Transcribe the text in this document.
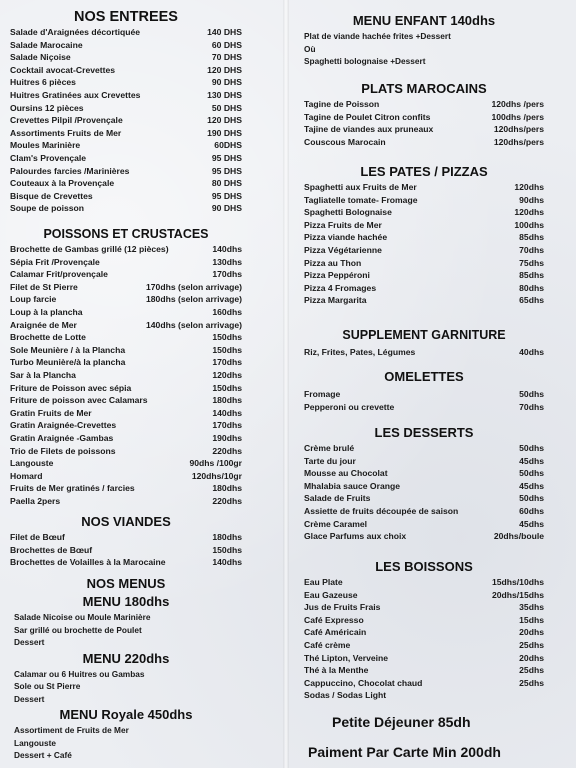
NOS ENTREES
Salade d'Araignées décortiquée	140 DHS
Salade Marocaine	60 DHS
Salade Niçoise	70 DHS
Cocktail avocat-Crevettes	120 DHS
Huitres 6 pièces	90 DHS
Huitres Gratinées aux Crevettes	130 DHS
Oursins 12 pièces	50 DHS
Crevettes Pilpil /Provençale	120 DHS
Assortiments Fruits de Mer	190 DHS
Moules Marinière	60DHS
Clam's Provençale	95 DHS
Palourdes farcies /Marinières	95 DHS
Couteaux à la Provençale	80 DHS
Bisque de Crevettes	95 DHS
Soupe de poisson	90 DHS
POISSONS ET CRUSTACES
Brochette de Gambas grillé (12 pièces)	140dhs
Sépia Frit /Provençale	130dhs
Calamar Frit/provençale	170dhs
Filet de St Pierre	170dhs (selon arrivage)
Loup farcie	180dhs (selon arrivage)
Loup à la plancha	160dhs
Araignée de Mer	140dhs (selon arrivage)
Brochette de Lotte	150dhs
Sole Meunière / à la Plancha	150dhs
Turbo Meunière/à la plancha	170dhs
Sar à la Plancha	120dhs
Friture de Poisson avec sépia	150dhs
Friture de poisson avec Calamars	180dhs
Gratin Fruits de Mer	140dhs
Gratin Araignée-Crevettes	170dhs
Gratin Araignée -Gambas	190dhs
Trio de Filets de poissons	220dhs
Langouste	90dhs /100gr
Homard	120dhs/10gr
Fruits de Mer gratinés / farcies	180dhs
Paella 2pers	220dhs
NOS VIANDES
Filet de Bœuf	180dhs
Brochettes de Bœuf	150dhs
Brochettes de Volailles à la Marocaine	140dhs
NOS MENUS
MENU 180dhs
Salade Nicoise ou Moule Marinière
Sar grillé ou brochette de Poulet
Dessert
MENU 220dhs
Calamar ou 6 Huitres ou Gambas
Sole ou St Pierre
Dessert
MENU Royale 450dhs
Assortiment de Fruits de Mer
Langouste
Dessert + Café
MENU ENFANT 140dhs
Plat de viande hachée frites +Dessert
Où
Spaghetti bolognaise +Dessert
PLATS MAROCAINS
Tagine de Poisson	120dhs /pers
Tagine de Poulet Citron confits	100dhs /pers
Tajine de viandes aux pruneaux	120dhs/pers
Couscous Marocain	120dhs/pers
LES PATES / PIZZAS
Spaghetti aux Fruits de Mer	120dhs
Tagliatelle tomate- Fromage	90dhs
Spaghetti Bolognaise	120dhs
Pizza Fruits de Mer	100dhs
Pizza viande hachée	85dhs
Pizza Végétarienne	70dhs
Pizza au Thon	75dhs
Pizza Peppéroni	85dhs
Pizza 4 Fromages	80dhs
Pizza Margarita	65dhs
SUPPLEMENT GARNITURE
Riz, Frites, Pates, Légumes	40dhs
OMELETTES
Fromage	50dhs
Pepperoni ou crevette	70dhs
LES DESSERTS
Crème brulé	50dhs
Tarte du jour	45dhs
Mousse au Chocolat	50dhs
Mhalabia sauce Orange	45dhs
Salade de Fruits	50dhs
Assiette de fruits découpée de saison	60dhs
Crème Caramel	45dhs
Glace Parfums aux choix	20dhs/boule
LES BOISSONS
Eau Plate	15dhs/10dhs
Eau Gazeuse	20dhs/15dhs
Jus de Fruits Frais	35dhs
Café Expresso	15dhs
Café Américain	20dhs
Café crème	25dhs
Thé Lipton, Verveine	20dhs
Thé à la Menthe	25dhs
Cappuccino, Chocolat chaud	25dhs
Sodas / Sodas Light
Petite Déjeuner 85dh
Paiment Par Carte Min 200dh
